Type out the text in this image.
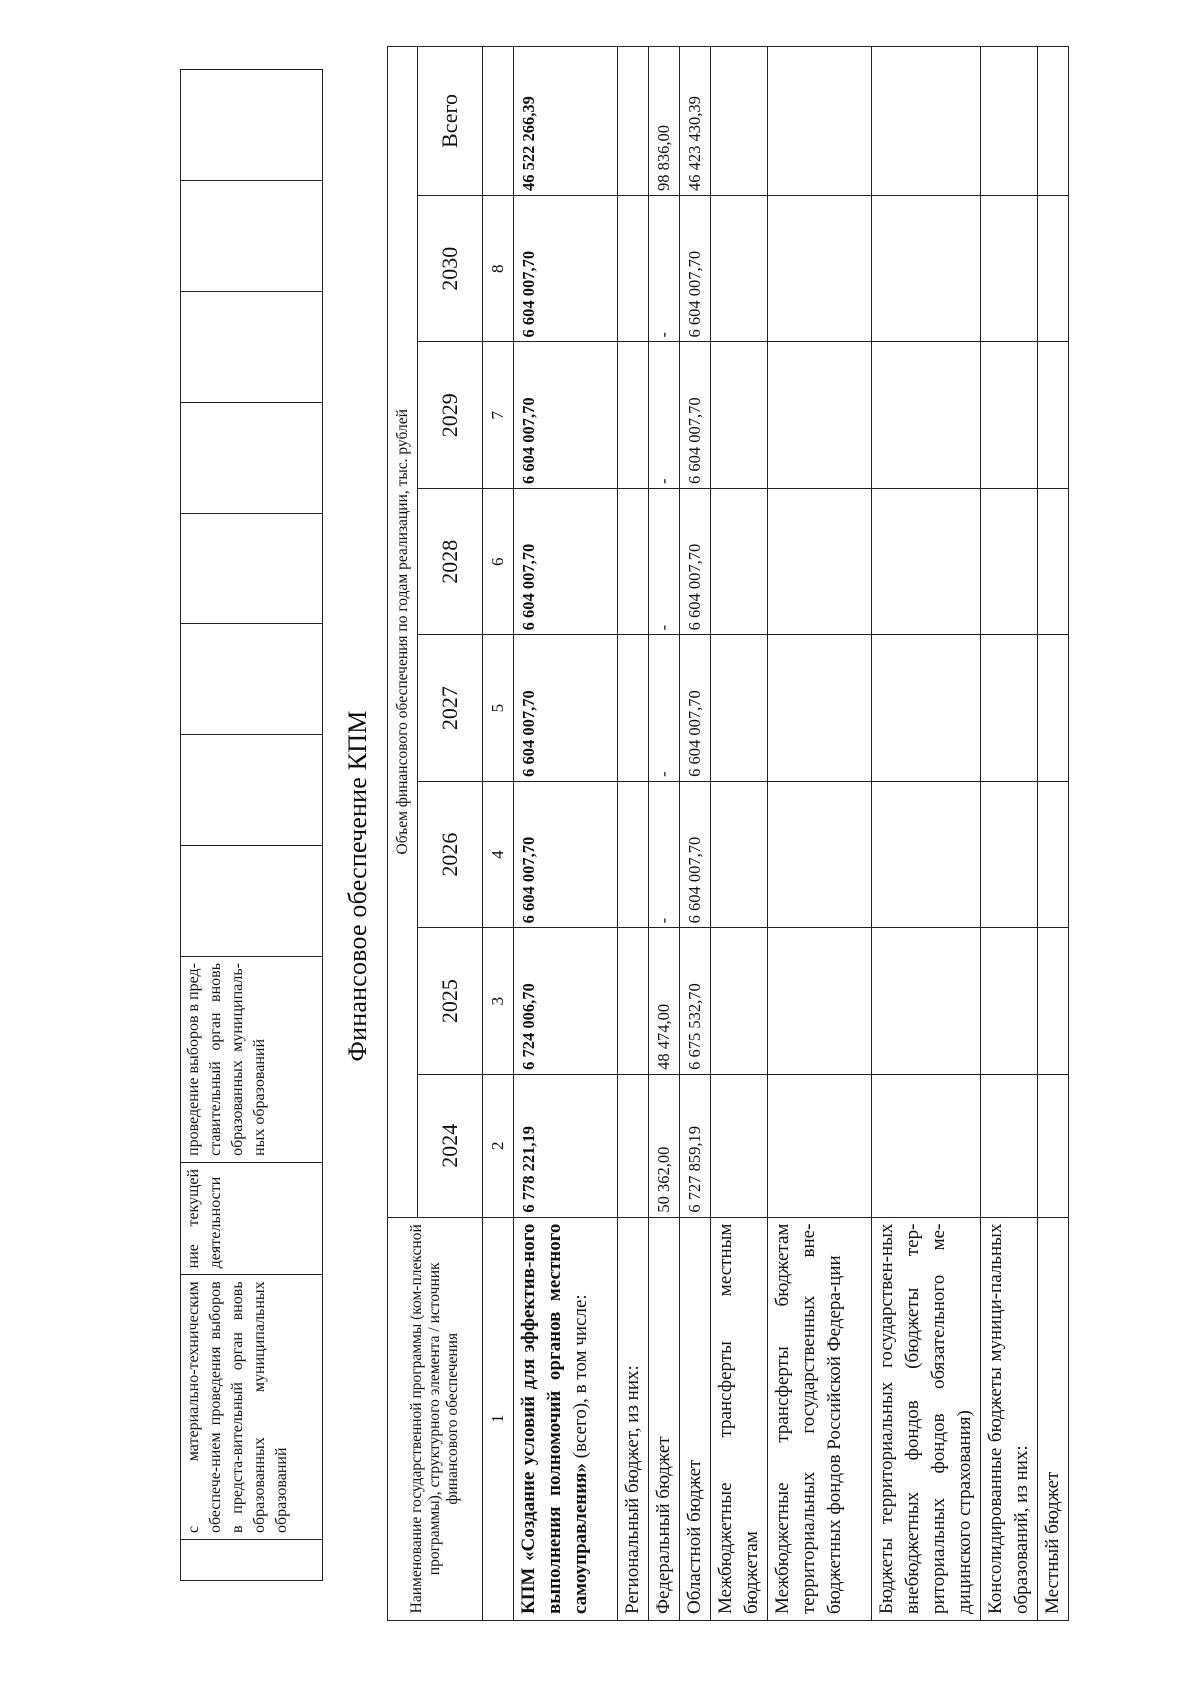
	с материально-техническим обеспече-нием проведения выборов в предста-вительный орган вновь образованных муниципальных образований	ние текущей деятельности	проведение выборов в пред-ставительный орган вновь образованных муниципаль-ных образований								
Финансовое обеспечение КПМ
Наименование государственной программы (ком-плексной программы), структурного элемента / источник финансового обеспечения	Объем финансового обеспечения по годам реализации, тыс. рублей							
	2024	2025	2026	2027	2028	2029	2030	Всего
1	2	3	4	5	6	7	8	
КПМ «Создание условий для эффектив-ного выполнения полномочий органов местного самоуправления» (всего), в том числе:	6 778 221,19	6 724 006,70	6 604 007,70	6 604 007,70	6 604 007,70	6 604 007,70	6 604 007,70	46 522 266,39
Региональный бюджет, из них:								
Федеральный бюджет	50 362,00	48 474,00	-	-	-	-	-	98 836,00
Областной бюджет	6 727 859,19	6 675 532,70	6 604 007,70	6 604 007,70	6 604 007,70	6 604 007,70	6 604 007,70	46 423 430,39
Межбюджетные трансферты местным бюджетам								
Межбюджетные трансферты бюджетам территориальных государственных вне-бюджетных фондов Российской Федера-ции								
Бюджеты территориальных государствен-ных внебюджетных фондов (бюджеты тер-риториальных фондов обязательного ме-дицинского страхования)								
Консолидированные бюджеты муници-пальных образований, из них:								
Местный бюджет								
